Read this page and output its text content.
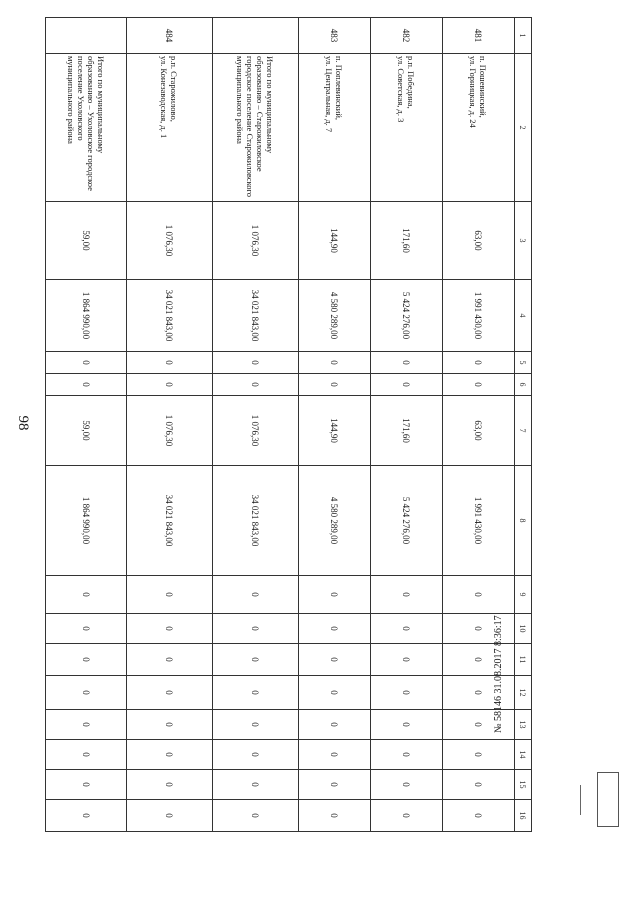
98
1	2	3	4	5	6	7	8	9	10	11	12	13	14	15	16
481	п. Пошевинский,
ул. Горницкая, д. 24	63,00	1 991 430,00	0	0	63,00	1 991 430,00	0	0	0	0	0	0	0	0
482	р.п. Победина,
ул. Советская, д. 3	171,60	5 424 276,00	0	0	171,60	5 424 276,00	0	0	0	0	0	0	0	0
483	п. Поплевинский,
ул. Центральная, д. 7	144,90	4 580 289,00	0	0	144,90	4 580 289,00	0	0	0	0	0	0	0	0
	Итого по муниципальному образованию – Старожиловское городское поселение Старожиловского муниципального района	1 076,30	34 021 843,00	0	0	1 076,30	34 021 843,00	0	0	0	0	0	0	0	0
484	р.п. Старожилово,
ул. Конезаводская, д. 1	1 076,30	34 021 843,00	0	0	1 076,30	34 021 843,00	0	0	0	0	0	0	0	0
	Итого по муниципальному образованию – Ухоловское городское поселение Ухоловского муниципального района	59,00	1 864 990,00	0	0	59,00	1 864 990,00	0	0	0	0	0	0	0	0
№ 58146 31.08.2017 8:36:17
